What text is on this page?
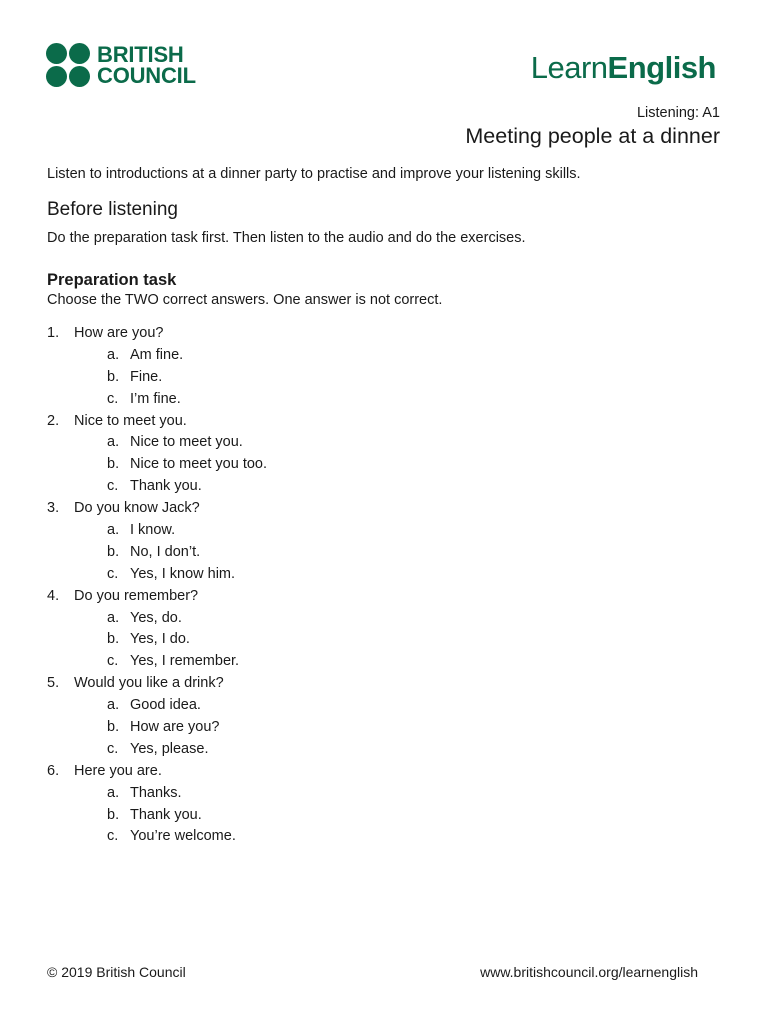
BRITISH
COUNCIL	LearnEnglish
Listening: A1
Meeting people at a dinner

Listen to introductions at a dinner party to practise and improve your listening skills.

Before listening

Do the preparation task first. Then listen to the audio and do the exercises.

Preparation task

Choose the TWO correct answers. One answer is not correct.

1. How are you?
a. Am fine.
b. Fine.
c. I’m fine.
2. Nice to meet you.
a. Nice to meet you.
b. Nice to meet you too.
c. Thank you.
3. Do you know Jack?
a. I know.
b. No, I don’t.
c. Yes, I know him.
4. Do you remember?
a. Yes, do.
b. Yes, I do.
c. Yes, I remember.
5. Would you like a drink?
a. Good idea.
b. How are you?
c. Yes, please.
6. Here you are.
a. Thanks.
b. Thank you.
c. You’re welcome.
© 2019 British Council	www.britishcouncil.org/learnenglish
